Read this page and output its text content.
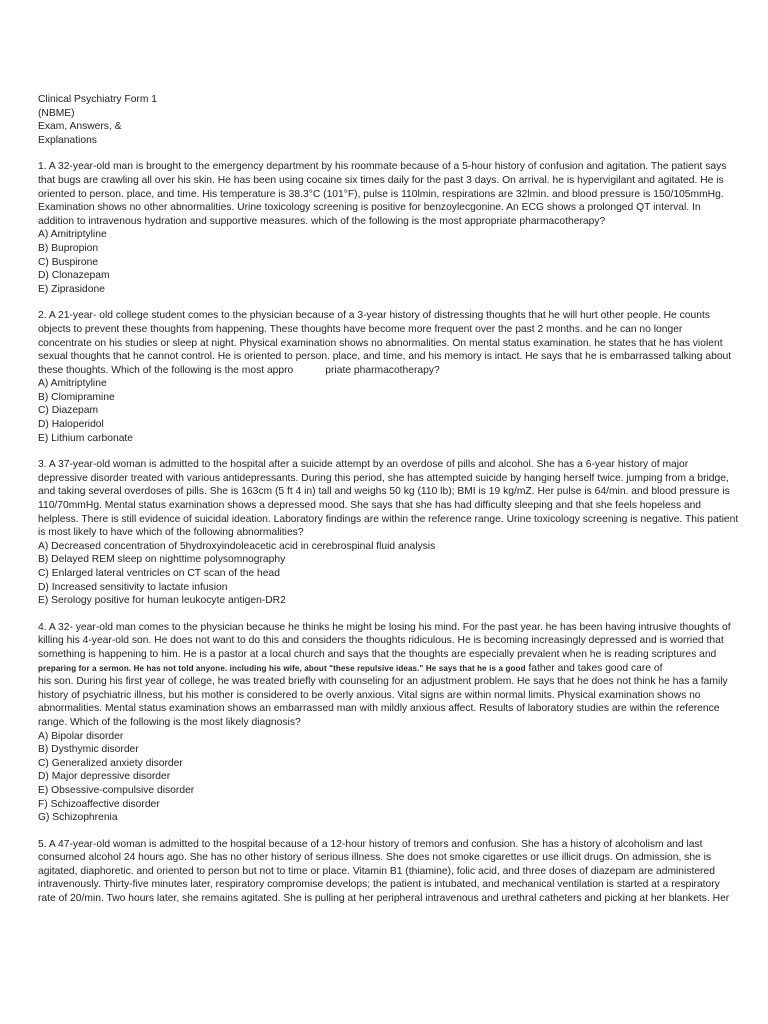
Clinical Psychiatry Form 1
(NBME)
Exam, Answers, &
Explanations
1. A 32-year-old man is brought to the emergency department by his roommate because of a 5-hour history of confusion and agitation. The patient says
that bugs are crawling all over his skin. He has been using cocaine six times daily for the past 3 days. On arrival. he is hypervigilant and agitated. He is
oriented to person. place, and time. His temperature is 38.3°C (101°F), pulse is 110lmin, respirations are 32lmin. and blood pressure is 150/105mmHg.
Examination shows no other abnormalities. Urine toxicology screening is positive for benzoylecgonine. An ECG shows a prolonged QT interval. In
addition to intravenous hydration and supportive measures. which of the following is the most appropriate pharmacotherapy?
A) Amitriptyline
B) Bupropion
C) Buspirone
D) Clonazepam
E) Ziprasidone
2. A 21-year- old college student comes to the physician because of a 3-year history of distressing thoughts that he will hurt other people. He counts
objects to prevent these thoughts from happening. These thoughts have become more frequent over the past 2 months. and he can no longer
concentrate on his studies or sleep at night. Physical examination shows no abnormalities. On mental status examination. he states that he has violent
sexual thoughts that he cannot control. He is oriented to person. place, and time, and his memory is intact. He says that he is embarrassed talking about
these thoughts. Which of the following is the most appro	priate pharmacotherapy?
A) Amitriptyline
B) Clomipramine
C) Diazepam
D) Haloperidol
E) Lithium carbonate
3. A 37-year-old woman is admitted to the hospital after a suicide attempt by an overdose of pills and alcohol. She has a 6-year history of major
depressive disorder treated with various antidepressants. During this period, she has attempted suicide by hanging herself twice. jumping from a bridge,
and taking several overdoses of pills. She is 163cm (5 ft 4 in) tall and weighs 50 kg (110 lb); BMI is 19 kg/mZ. Her pulse is 64/min. and blood pressure is
110/70mmHg. Mental status examination shows a depressed mood. She says that she has had difficulty sleeping and that she feels hopeless and
helpless. There is still evidence of suicidal ideation. Laboratory findings are within the reference range. Urine toxicology screening is negative. This patient
is most likely to have which of the following abnormalities?
A) Decreased concentration of 5hydroxyindoleacetic acid in cerebrospinal fluid analysis
B) Delayed REM sleep on nighttime polysomnography
C) Enlarged lateral ventricles on CT scan of the head
D) Increased sensitivity to lactate infusion
E) Serology positive for human leukocyte antigen-DR2
4. A 32- year-old man comes to the physician because he thinks he might be losing his mind. For the past year. he has been having intrusive thoughts of
killing his 4-year-old son. He does not want to do this and considers the thoughts ridiculous. He is becoming increasingly depressed and is worried that
something is happening to him. He is a pastor at a local church and says that the thoughts are especially prevalent when he is reading scriptures and
preparing for a sermon. He has not told anyone. including his wife, about "these repulsive ideas." He says that he is a good father and takes good care of
his son. During his first year of college, he was treated briefly with counseling for an adjustment problem. He says that he does not think he has a family
history of psychiatric illness, but his mother is considered to be overly anxious. Vital signs are within normal limits. Physical examination shows no
abnormalities. Mental status examination shows an embarrassed man with mildly anxious affect. Results of laboratory studies are within the reference
range. Which of the following is the most likely diagnosis?
A) Bipolar disorder
B) Dysthymic disorder
C) Generalized anxiety disorder
D) Major depressive disorder
E) Obsessive-compulsive disorder
F) Schizoaffective disorder
G) Schizophrenia
5. A 47-year-old woman is admitted to the hospital because of a 12-hour history of tremors and confusion. She has a history of alcoholism and last
consumed alcohol 24 hours ago. She has no other history of serious illness. She does not smoke cigarettes or use illicit drugs. On admission, she is
agitated, diaphoretic. and oriented to person but not to time or place. Vitamin B1 (thiamine), folic acid, and three doses of diazepam are administered
intravenously. Thirty-five minutes later, respiratory compromise develops; the patient is intubated, and mechanical ventilation is started at a respiratory
rate of 20/min. Two hours later, she remains agitated. She is pulling at her peripheral intravenous and urethral catheters and picking at her blankets. Her
